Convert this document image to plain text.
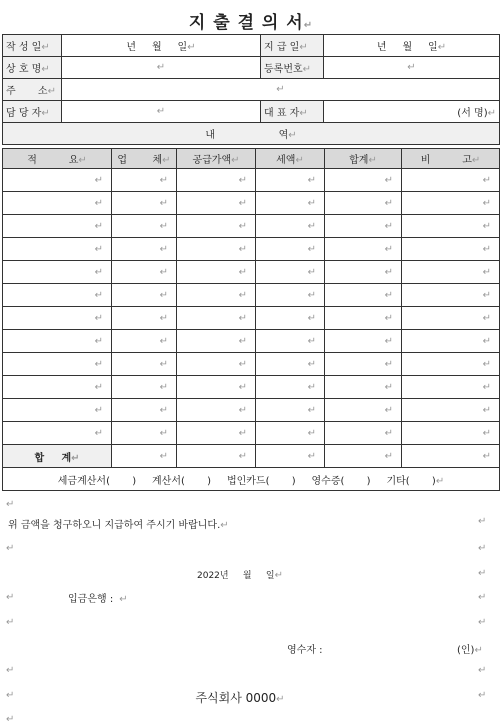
지 출 결 의 서↵
작 성 일↵	년     월     일↵	지 급 일↵	년     월     일↵
상 호 명↵	↵	등록번호↵	↵
주       소↵	↵		
담 당 자↵	↵	대 표 자↵	(서 명)↵
내                    역↵			
적          요↵	업        체↵	공급가액↵	세액↵	합계↵	비          고↵
↵	↵	↵	↵	↵	↵
↵	↵	↵	↵	↵	↵
↵	↵	↵	↵	↵	↵
↵	↵	↵	↵	↵	↵
↵	↵	↵	↵	↵	↵
↵	↵	↵	↵	↵	↵
↵	↵	↵	↵	↵	↵
↵	↵	↵	↵	↵	↵
↵	↵	↵	↵	↵	↵
↵	↵	↵	↵	↵	↵
↵	↵	↵	↵	↵	↵
↵	↵	↵	↵	↵	↵
합     계↵	↵	↵	↵	↵	↵
세금계산서(       )     계산서(       )     법인카드(       )     영수증(       )     기타(       )↵					
↵
위 금액을 청구하오니 지급하여 주시기 바랍니다.↵	↵
↵	↵
2022년     월     일↵	↵
↵	입금은행 : ↵	↵
↵	↵
영수자 :	(인)↵
↵	↵
↵	주식회사 0000↵	↵
↵
